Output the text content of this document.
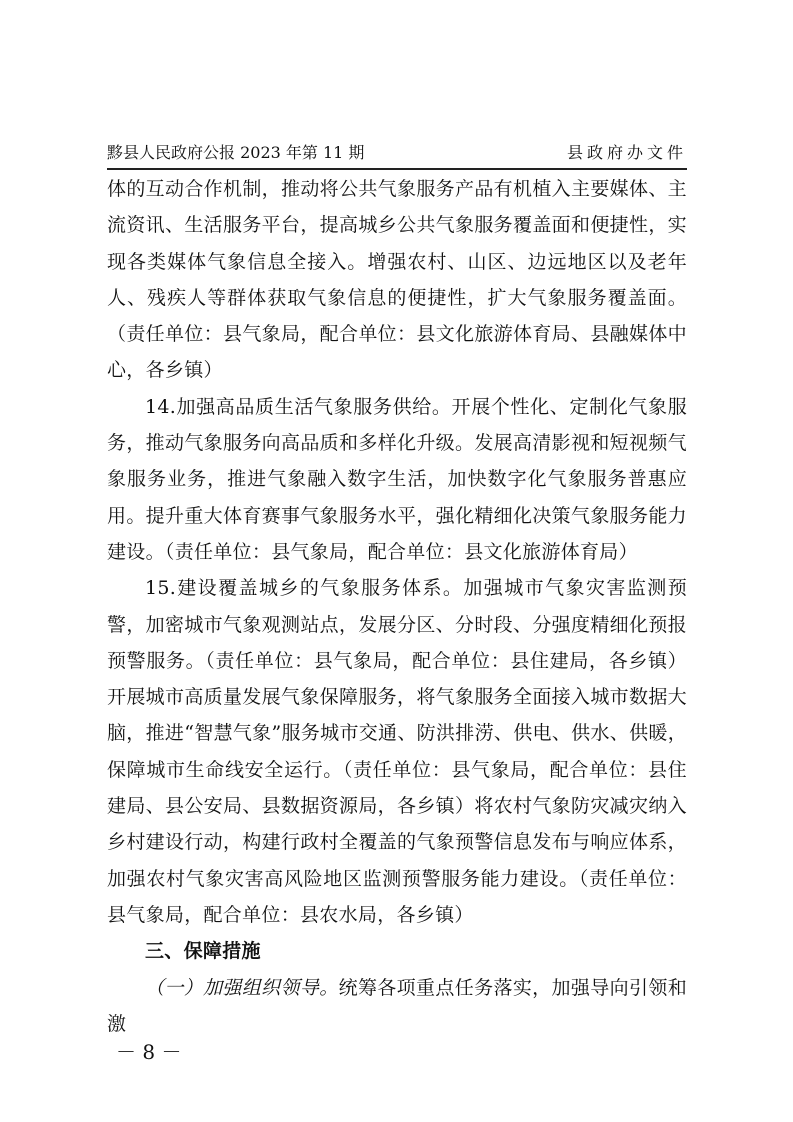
黟县人民政府公报 2023 年第 11 期	县政府办文件

体的互动合作机制，推动将公共气象服务产品有机植入主要媒体、主流资讯、生活服务平台，提高城乡公共气象服务覆盖面和便捷性，实现各类媒体气象信息全接入。增强农村、山区、边远地区以及老年人、残疾人等群体获取气象信息的便捷性，扩大气象服务覆盖面。（责任单位：县气象局，配合单位：县文化旅游体育局、县融媒体中心，各乡镇）

14.加强高品质生活气象服务供给。开展个性化、定制化气象服务，推动气象服务向高品质和多样化升级。发展高清影视和短视频气象服务业务，推进气象融入数字生活，加快数字化气象服务普惠应用。提升重大体育赛事气象服务水平，强化精细化决策气象服务能力建设。（责任单位：县气象局，配合单位：县文化旅游体育局）

15.建设覆盖城乡的气象服务体系。加强城市气象灾害监测预警，加密城市气象观测站点，发展分区、分时段、分强度精细化预报预警服务。（责任单位：县气象局，配合单位：县住建局，各乡镇）开展城市高质量发展气象保障服务，将气象服务全面接入城市数据大脑，推进“智慧气象”服务城市交通、防洪排涝、供电、供水、供暖，保障城市生命线安全运行。（责任单位：县气象局，配合单位：县住建局、县公安局、县数据资源局，各乡镇）将农村气象防灾减灾纳入乡村建设行动，构建行政村全覆盖的气象预警信息发布与响应体系，加强农村气象灾害高风险地区监测预警服务能力建设。（责任单位：县气象局，配合单位：县农水局，各乡镇）

三、保障措施

（一）加强组织领导。统筹各项重点任务落实，加强导向引领和激

－ 8 －
